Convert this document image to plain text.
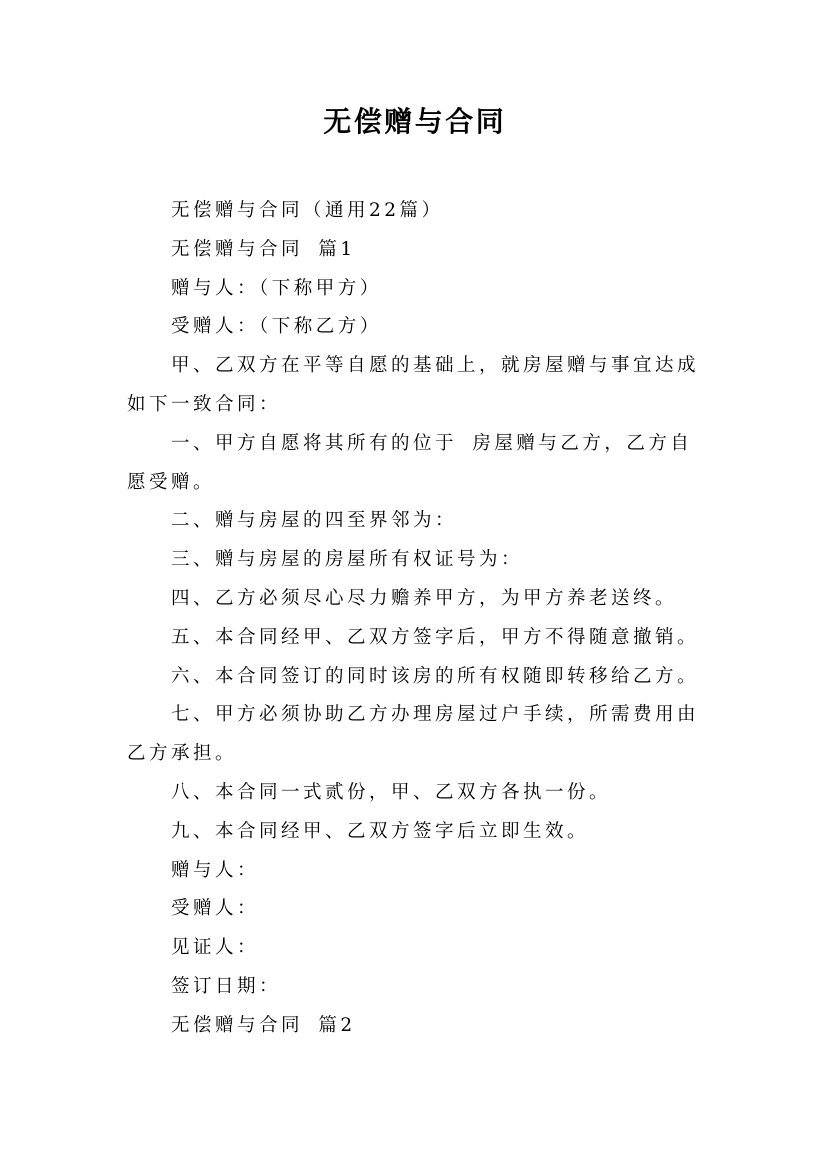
无偿赠与合同

无偿赠与合同（通用22篇）

无偿赠与合同 篇1

赠与人：（下称甲方）

受赠人：（下称乙方）

甲、乙双方在平等自愿的基础上，就房屋赠与事宜达成

如下一致合同：

一、甲方自愿将其所有的位于 房屋赠与乙方，乙方自

愿受赠。

二、赠与房屋的四至界邻为：

三、赠与房屋的房屋所有权证号为：

四、乙方必须尽心尽力赡养甲方，为甲方养老送终。

五、本合同经甲、乙双方签字后，甲方不得随意撤销。

六、本合同签订的同时该房的所有权随即转移给乙方。

七、甲方必须协助乙方办理房屋过户手续，所需费用由

乙方承担。

八、本合同一式贰份，甲、乙双方各执一份。

九、本合同经甲、乙双方签字后立即生效。

赠与人：

受赠人：

见证人：

签订日期：

无偿赠与合同 篇2
